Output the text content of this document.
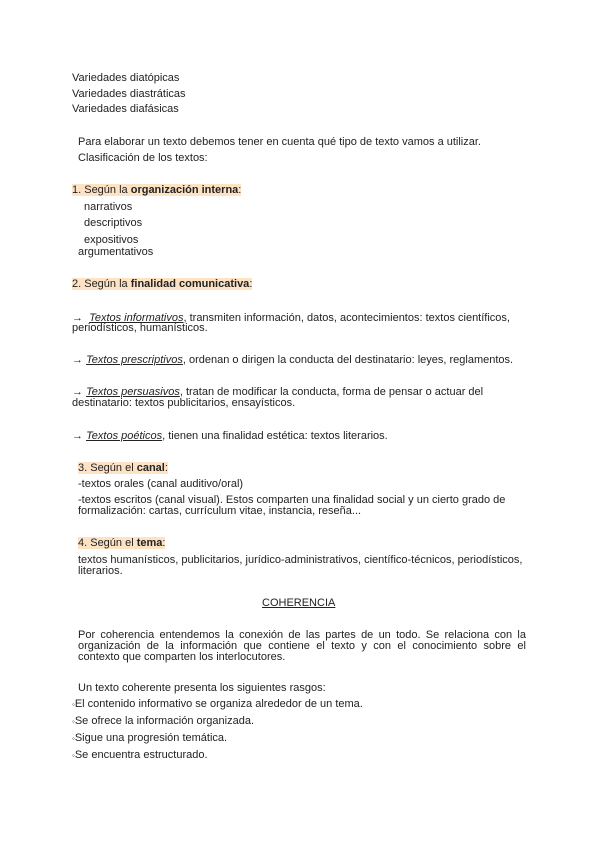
Variedades diatópicas
Variedades diastráticas
Variedades diafásicas
Para elaborar un texto debemos tener en cuenta qué tipo de texto vamos a utilizar.
Clasificación de los textos:
1. Según la organización interna:
narrativos
descriptivos
expositivos
argumentativos
2. Según la finalidad comunicativa:
→ Textos informativos, transmiten información, datos, acontecimientos: textos científicos,
periodísticos, humanísticos.
→ Textos prescriptivos, ordenan o dirigen la conducta del destinatario: leyes, reglamentos.
→ Textos persuasivos, tratan de modificar la conducta, forma de pensar o actuar del
destinatario: textos publicitarios, ensayísticos.
→ Textos poéticos, tienen una finalidad estética: textos literarios.
3. Según el canal:
-textos orales (canal auditivo/oral)
-textos escritos (canal visual). Estos comparten una finalidad social y un cierto grado de
formalización: cartas, currículum vitae, instancia, reseña...
4. Según el tema:
textos humanísticos, publicitarios, jurídico-administrativos, científico-técnicos, periodísticos,
literarios.
COHERENCIA
Por coherencia entendemos la conexión de las partes de un todo. Se relaciona con la
organización de la información que contiene el texto y con el conocimiento sobre el
contexto que comparten los interlocutores.
Un texto coherente presenta los siguientes rasgos:
◦El contenido informativo se organiza alrededor de un tema.
◦Se ofrece la información organizada.
◦Sigue una progresión temática.
◦Se encuentra estructurado.
